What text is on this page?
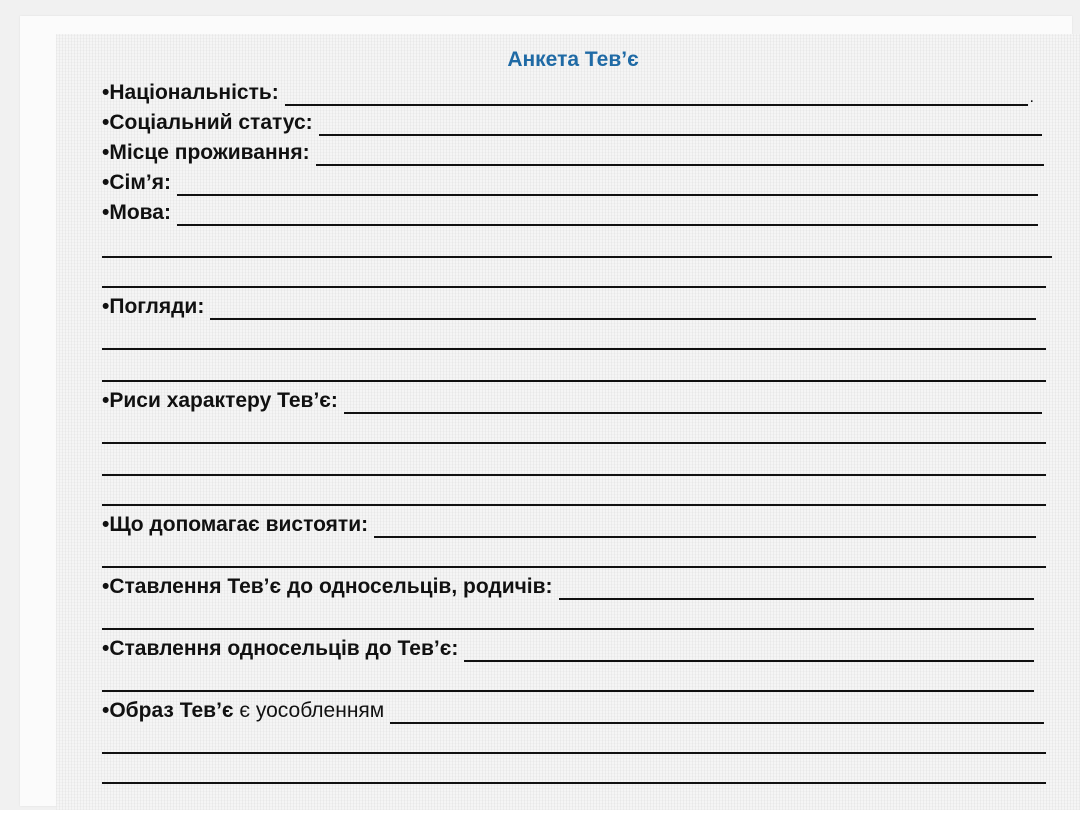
Анкета Тев’є
•Національність:	.
•Соціальний статус:
•Місце проживання:
•Сім’я:
•Мова:
•Погляди:
•Риси характеру Тев’є:
•Що допомагає вистояти:
•Ставлення Тев’є до односельців, родичів:
•Ставлення односельців до Тев’є:
•Образ Тев’є є уособленням
